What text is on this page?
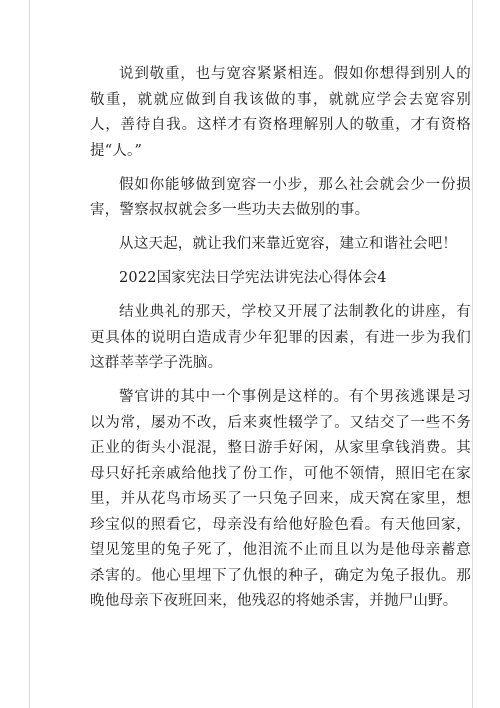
说到敬重，也与宽容紧紧相连。假如你想得到别人的敬重，就就应做到自我该做的事，就就应学会去宽容别人，善待自我。这样才有资格理解别人的敬重，才有资格提“人。”

假如你能够做到宽容一小步，那么社会就会少一份损害，警察叔叔就会多一些功夫去做别的事。

从这天起，就让我们来靠近宽容，建立和谐社会吧！

2022国家宪法日学宪法讲宪法心得体会4

结业典礼的那天，学校又开展了法制教化的讲座，有更具体的说明白造成青少年犯罪的因素，有进一步为我们这群莘莘学子洗脑。

警官讲的其中一个事例是这样的。有个男孩逃课是习以为常，屡劝不改，后来爽性辍学了。又结交了一些不务正业的街头小混混，整日游手好闲，从家里拿钱消费。其母只好托亲戚给他找了份工作，可他不领情，照旧宅在家里，并从花鸟市场买了一只兔子回来，成天窝在家里，想珍宝似的照看它，母亲没有给他好脸色看。有天他回家，望见笼里的兔子死了，他泪流不止而且以为是他母亲蓄意杀害的。他心里埋下了仇恨的种子，确定为兔子报仇。那晚他母亲下夜班回来，他残忍的将她杀害，并抛尸山野。
